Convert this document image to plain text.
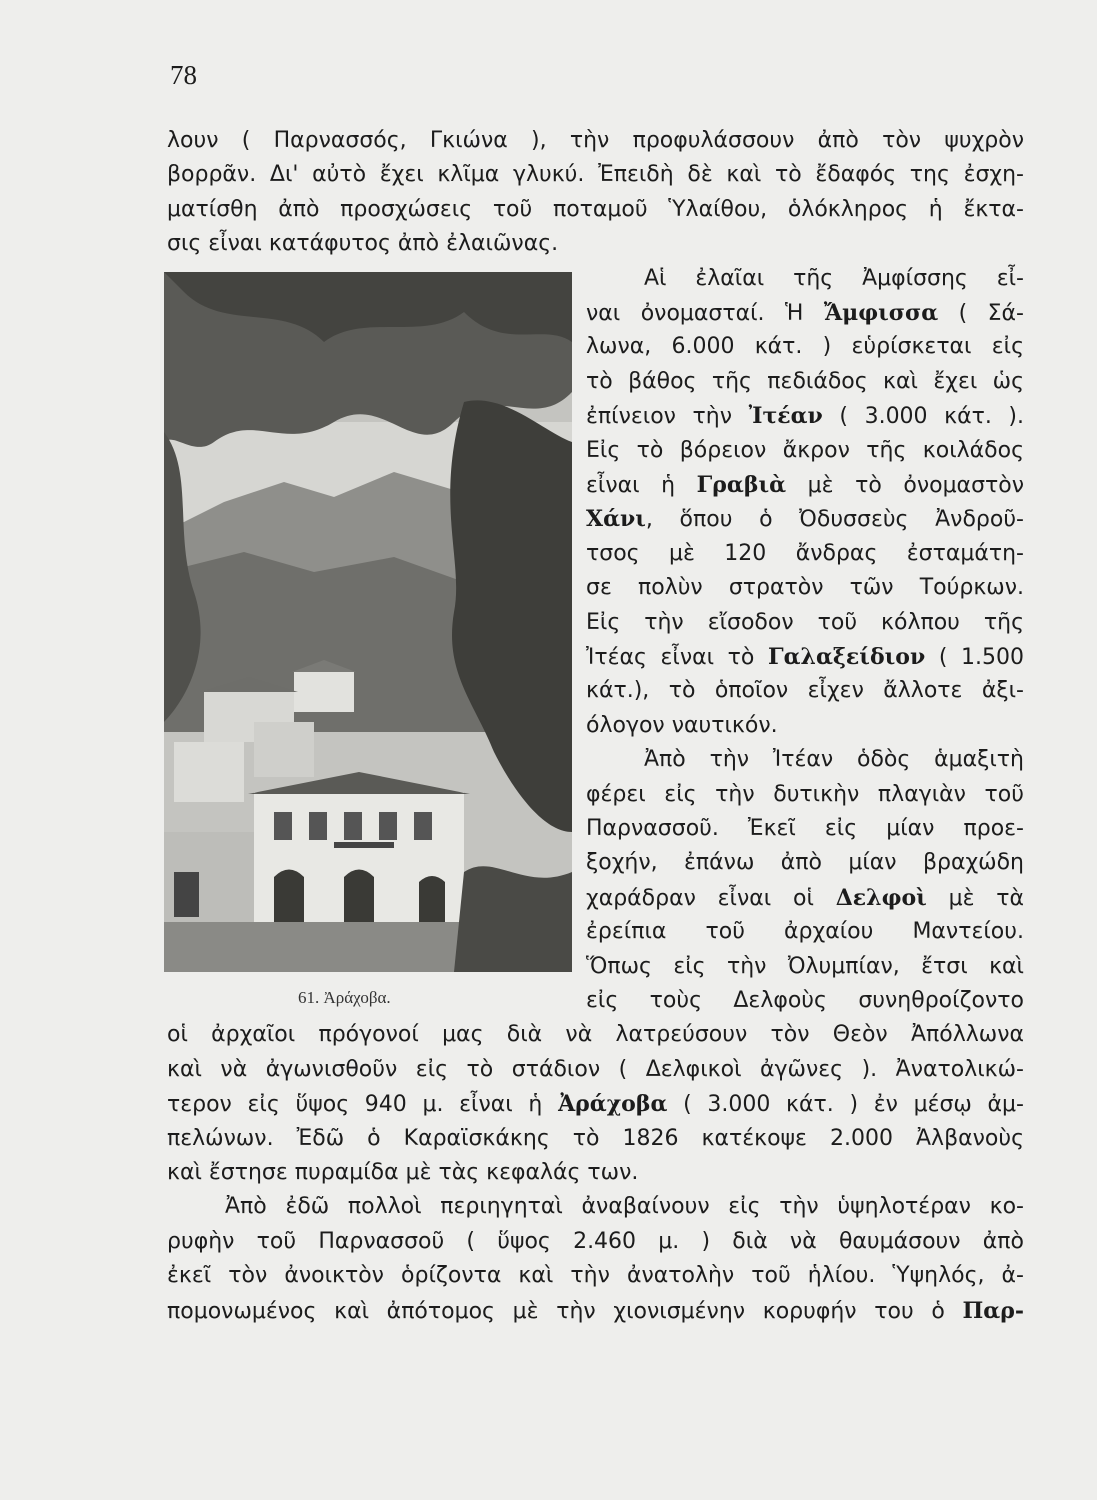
78
λουν ( Παρνασσός, Γκιώνα ), τὴν προφυλάσσουν ἀπὸ τὸν ψυχρὸν
βορρᾶν. Δι' αὐτὸ ἔχει κλῖμα γλυκύ. Ἐπειδὴ δὲ καὶ τὸ ἔδαφός της ἐσχη-
ματίσθη ἀπὸ προσχώσεις τοῦ ποταμοῦ Ὑλαίθου, ὁλόκληρος ἡ ἔκτα-
σις εἶναι κατάφυτος ἀπὸ ἐλαιῶνας.
Αἱ ἐλαῖαι τῆς Ἀμφίσσης εἶ-
ναι ὀνομασταί. Ἡ Ἄμφισσα ( Σά-
λωνα, 6.000 κάτ. ) εὑρίσκεται εἰς
τὸ βάθος τῆς πεδιάδος καὶ ἔχει ὡς
ἐπίνειον τὴν Ἰτέαν ( 3.000 κάτ. ).
Εἰς τὸ βόρειον ἄκρον τῆς κοιλάδος
εἶναι ἡ Γραβιὰ μὲ τὸ ὀνομαστὸν
Χάνι, ὅπου ὁ Ὀδυσσεὺς Ἀνδροῦ-
τσος μὲ 120 ἄνδρας ἐσταμάτη-
σε πολὺν στρατὸν τῶν Τούρκων.
Εἰς τὴν εἴσοδον τοῦ κόλπου τῆς
Ἰτέας εἶναι τὸ Γαλαξείδιον ( 1.500
κάτ.), τὸ ὁποῖον εἶχεν ἄλλοτε ἀξι-
όλογον ναυτικόν.
Ἀπὸ τὴν Ἰτέαν ὁδὸς ἁμαξιτὴ
φέρει εἰς τὴν δυτικὴν πλαγιὰν τοῦ
Παρνασσοῦ. Ἐκεῖ εἰς μίαν προε-
ξοχήν, ἐπάνω ἀπὸ μίαν βραχώδη
χαράδραν εἶναι οἱ Δελφοὶ μὲ τὰ
ἐρείπια τοῦ ἀρχαίου Μαντείου.
Ὅπως εἰς τὴν Ὀλυμπίαν, ἔτσι καὶ
εἰς τοὺς Δελφοὺς συνηθροίζοντο
οἱ ἀρχαῖοι πρόγονοί μας διὰ νὰ λατρεύσουν τὸν Θεὸν Ἀπόλλωνα
καὶ νὰ ἀγωνισθοῦν εἰς τὸ στάδιον ( Δελφικοὶ ἀγῶνες ). Ἀνατολικώ-
τερον εἰς ὕψος 940 μ. εἶναι ἡ Ἀράχοβα ( 3.000 κάτ. ) ἐν μέσῳ ἀμ-
πελώνων. Ἐδῶ ὁ Καραϊσκάκης τὸ 1826 κατέκοψε 2.000 Ἀλβανοὺς
καὶ ἔστησε πυραμίδα μὲ τὰς κεφαλάς των.
Ἀπὸ ἐδῶ πολλοὶ περιηγηταὶ ἀναβαίνουν εἰς τὴν ὑψηλοτέραν κο-
ρυφὴν τοῦ Παρνασσοῦ ( ὕψος 2.460 μ. ) διὰ νὰ θαυμάσουν ἀπὸ
ἐκεῖ τὸν ἀνοικτὸν ὁρίζοντα καὶ τὴν ἀνατολὴν τοῦ ἡλίου. Ὑψηλός, ἀ-
πομονωμένος καὶ ἀπότομος μὲ τὴν χιονισμένην κορυφήν του ὁ Παρ-
61. Ἀράχοβα.
